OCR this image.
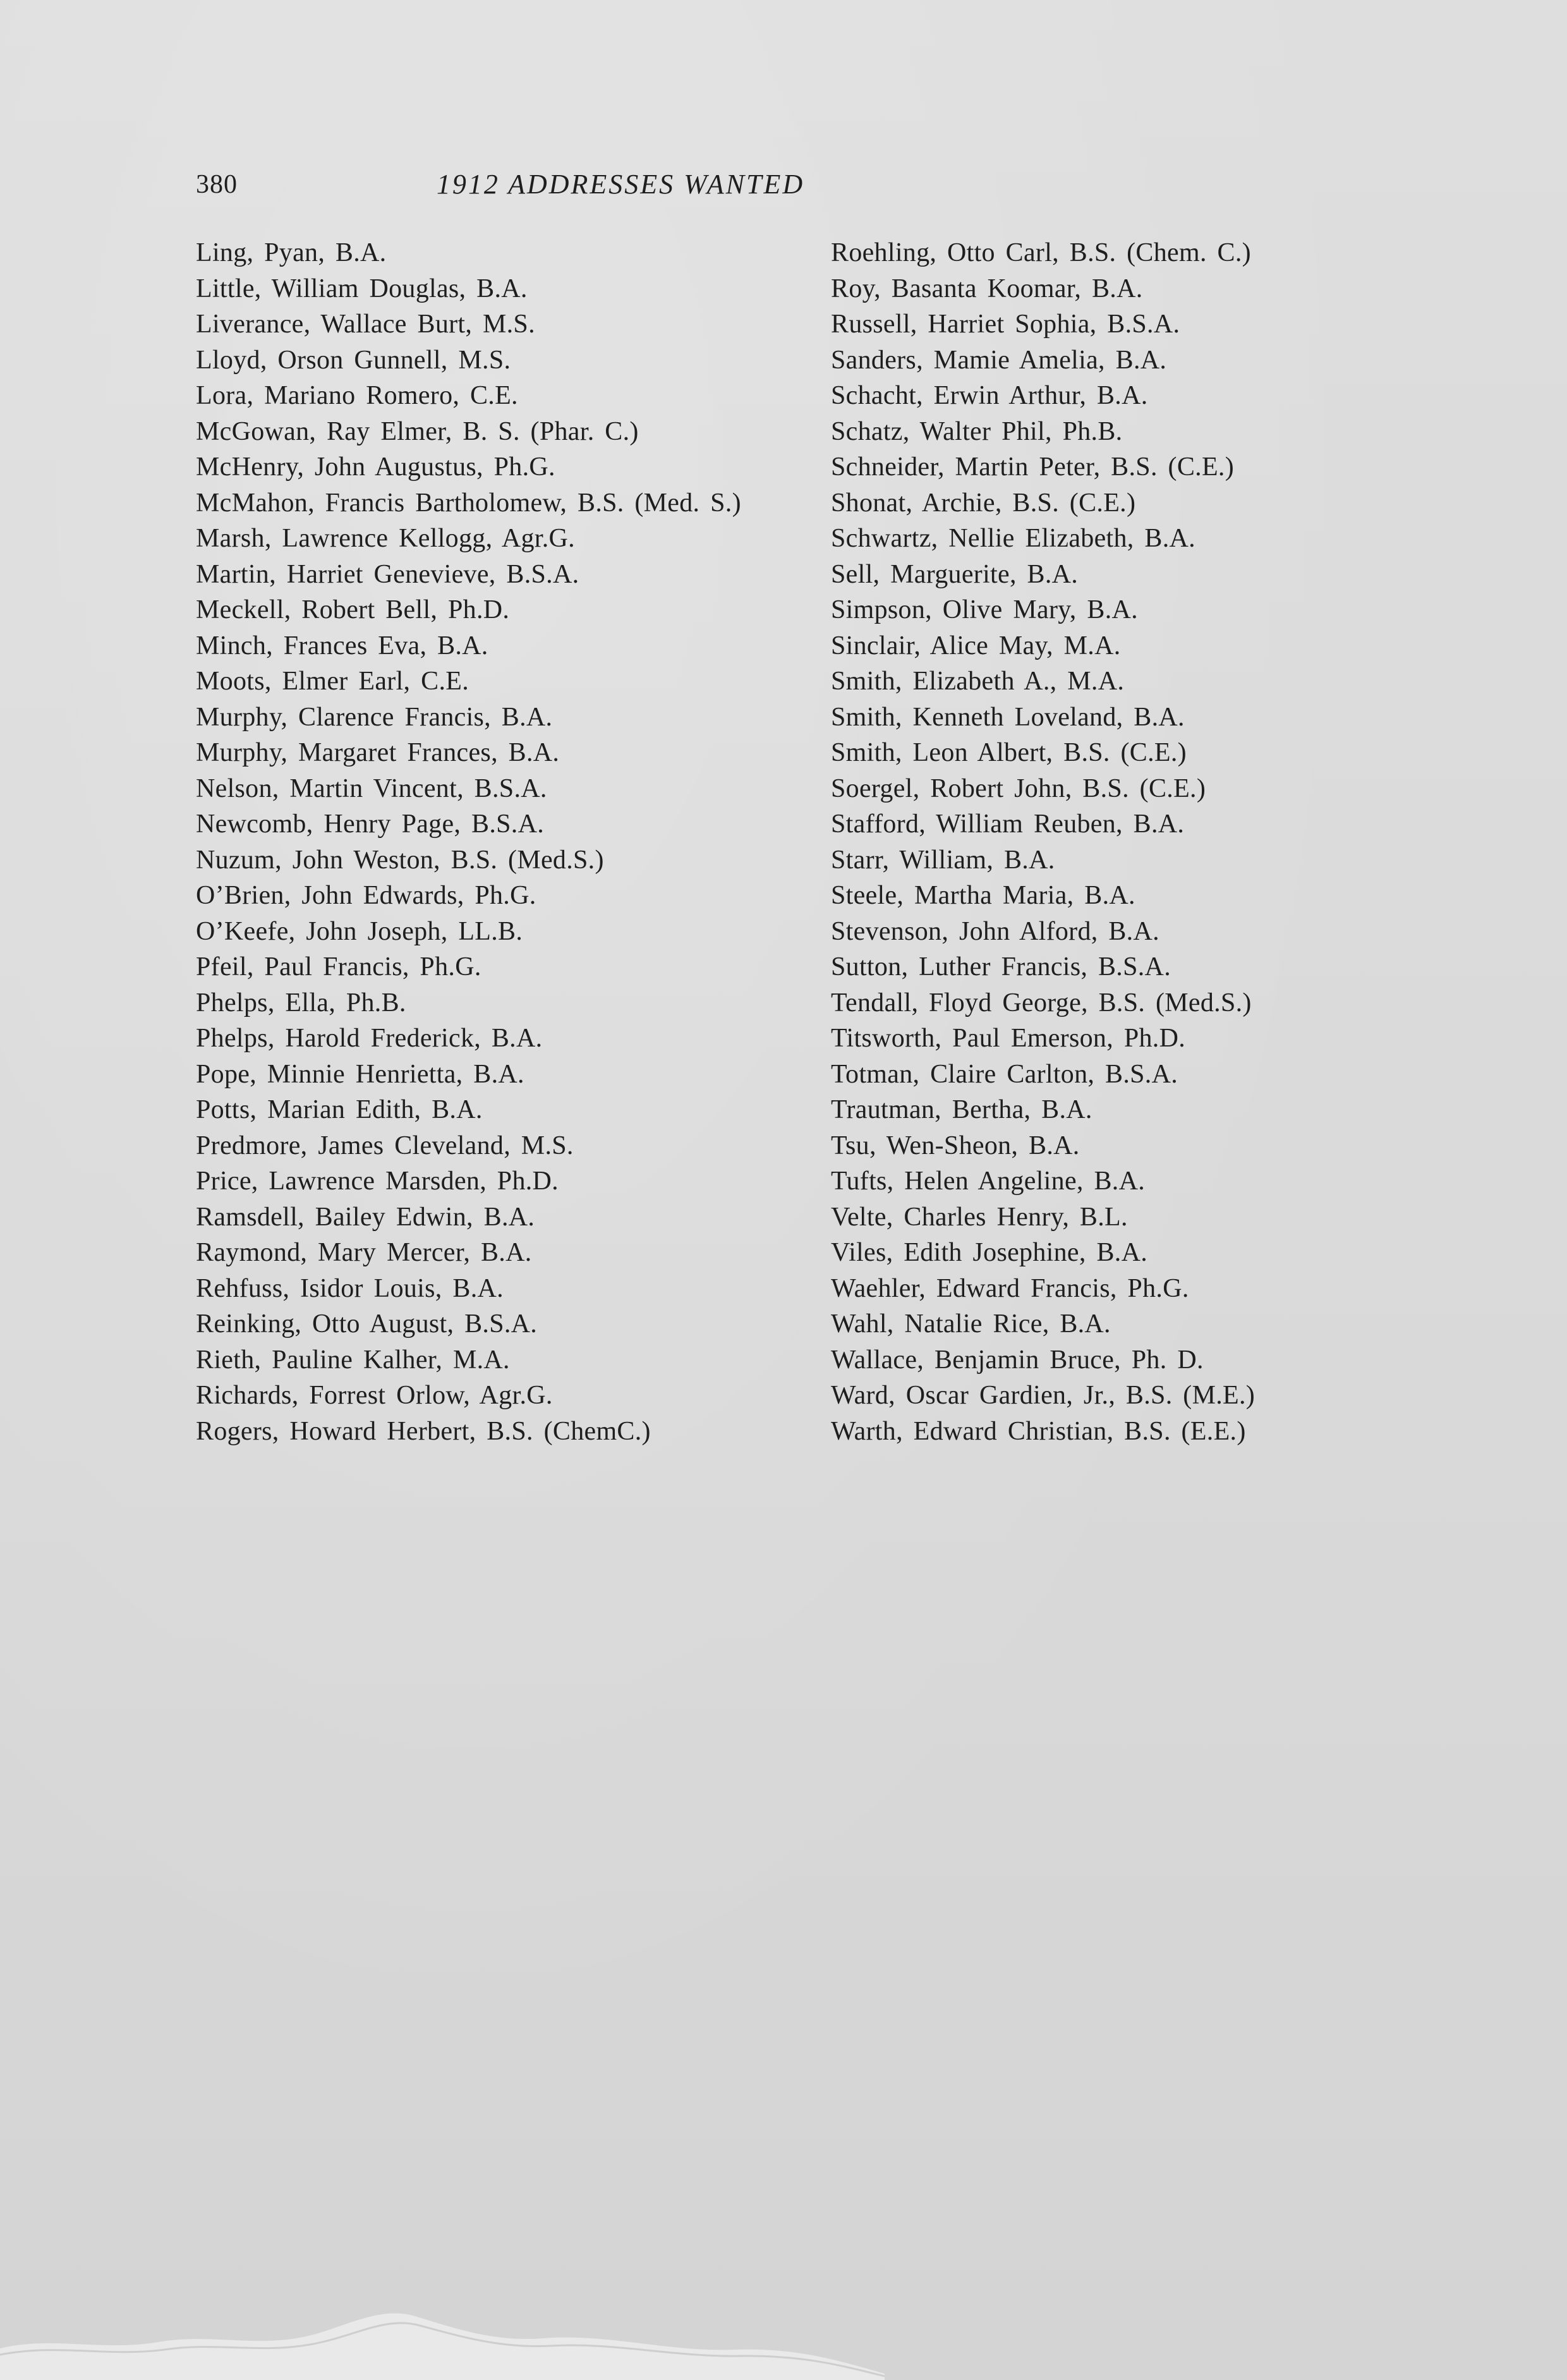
380	1912 ADDRESSES WANTED
Ling, Pyan, B.A.
Little, William Douglas, B.A.
Liverance, Wallace Burt, M.S.
Lloyd, Orson Gunnell, M.S.
Lora, Mariano Romero, C.E.
McGowan, Ray Elmer, B. S. (Phar. C.)
McHenry, John Augustus, Ph.G.
McMahon, Francis Bartholomew, B.S. (Med. S.)
Marsh, Lawrence Kellogg, Agr.G.
Martin, Harriet Genevieve, B.S.A.
Meckell, Robert Bell, Ph.D.
Minch, Frances Eva, B.A.
Moots, Elmer Earl, C.E.
Murphy, Clarence Francis, B.A.
Murphy, Margaret Frances, B.A.
Nelson, Martin Vincent, B.S.A.
Newcomb, Henry Page, B.S.A.
Nuzum, John Weston, B.S. (Med.S.)
O’Brien, John Edwards, Ph.G.
O’Keefe, John Joseph, LL.B.
Pfeil, Paul Francis, Ph.G.
Phelps, Ella, Ph.B.
Phelps, Harold Frederick, B.A.
Pope, Minnie Henrietta, B.A.
Potts, Marian Edith, B.A.
Predmore, James Cleveland, M.S.
Price, Lawrence Marsden, Ph.D.
Ramsdell, Bailey Edwin, B.A.
Raymond, Mary Mercer, B.A.
Rehfuss, Isidor Louis, B.A.
Reinking, Otto August, B.S.A.
Rieth, Pauline Kalher, M.A.
Richards, Forrest Orlow, Agr.G.
Rogers, Howard Herbert, B.S. (ChemC.)
Roehling, Otto Carl, B.S. (Chem. C.)
Roy, Basanta Koomar, B.A.
Russell, Harriet Sophia, B.S.A.
Sanders, Mamie Amelia, B.A.
Schacht, Erwin Arthur, B.A.
Schatz, Walter Phil, Ph.B.
Schneider, Martin Peter, B.S. (C.E.)
Shonat, Archie, B.S. (C.E.)
Schwartz, Nellie Elizabeth, B.A.
Sell, Marguerite, B.A.
Simpson, Olive Mary, B.A.
Sinclair, Alice May, M.A.
Smith, Elizabeth A., M.A.
Smith, Kenneth Loveland, B.A.
Smith, Leon Albert, B.S. (C.E.)
Soergel, Robert John, B.S. (C.E.)
Stafford, William Reuben, B.A.
Starr, William, B.A.
Steele, Martha Maria, B.A.
Stevenson, John Alford, B.A.
Sutton, Luther Francis, B.S.A.
Tendall, Floyd George, B.S. (Med.S.)
Titsworth, Paul Emerson, Ph.D.
Totman, Claire Carlton, B.S.A.
Trautman, Bertha, B.A.
Tsu, Wen-Sheon, B.A.
Tufts, Helen Angeline, B.A.
Velte, Charles Henry, B.L.
Viles, Edith Josephine, B.A.
Waehler, Edward Francis, Ph.G.
Wahl, Natalie Rice, B.A.
Wallace, Benjamin Bruce, Ph. D.
Ward, Oscar Gardien, Jr., B.S. (M.E.)
Warth, Edward Christian, B.S. (E.E.)
